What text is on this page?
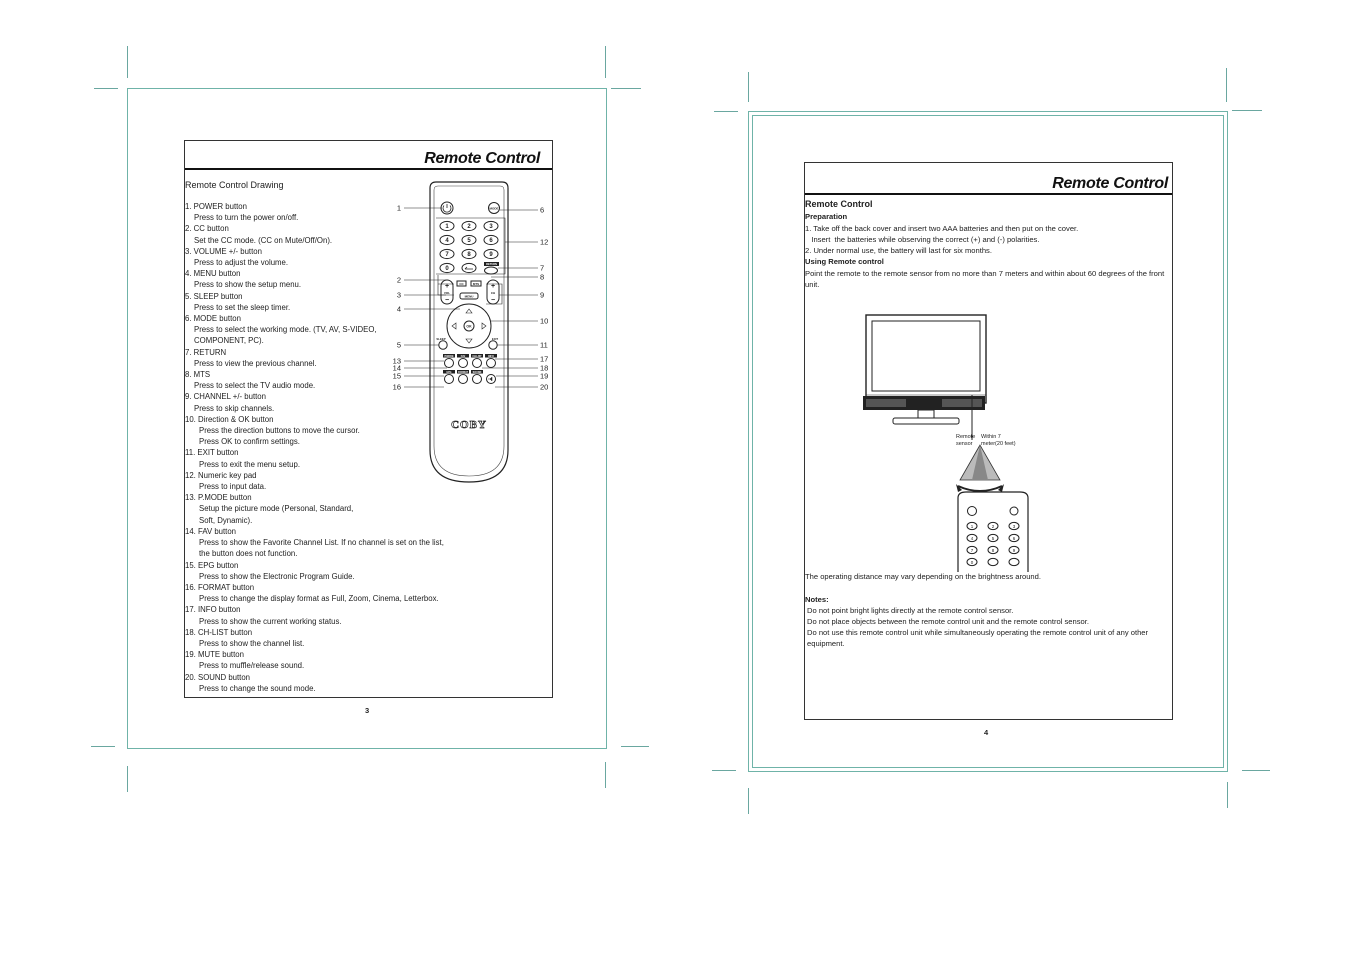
Remote Control
Remote Control Drawing
1. POWER button
Press to turn the power on/off.
2. CC button
Set the CC mode. (CC on Mute/Off/On).
3. VOLUME +/- button
Press to adjust the volume.
4. MENU button
Press to show the setup menu.
5. SLEEP button
Press to set the sleep timer.
6. MODE button
Press to select the working mode. (TV, AV, S-VIDEO,
COMPONENT, PC).
7. RETURN
Press to view the previous channel.
8. MTS
Press to select the TV audio mode.
9. CHANNEL +/- button
Press to skip channels.
10. Direction & OK button
Press the direction buttons to move the cursor.
Press OK to confirm settings.
11. EXIT button
Press to exit the menu setup.
12. Numeric key pad
Press to input data.
13. P.MODE button
Setup the picture mode (Personal, Standard,
Soft, Dynamic).
14. FAV button
Press to show the Favorite Channel List. If no channel is set on the list,
the button does not function.
15. EPG button
Press to show the Electronic Program Guide.
16. FORMAT button
Press to change the display format as Full, Zoom, Cinema, Letterbox.
17. INFO button
Press to show the current working status.
18. CH-LIST button
Press to show the channel list.
19. MUTE button
Press to muffle/release sound.
20. SOUND button
Press to change the sound mode.
MODE
1	2	3
4	5	6
7	8	9
0
RETURN
+
VOL
−
+
CH
−
CC	MTS
MENU
OK
SLEEP	EXIT
P.MODE	FAV	CH.LIST	INFO
EPG	FORMAT SOUND
COBY
1
2
3
4
5
13
14
15
16
6
12
7
8
9
10
11
17
18
19
20
3
Remote Control
Remote Control
Preparation
1. Take off the back cover and insert two AAA batteries and then put on the cover.
Insert  the batteries while observing the correct (+) and (-) polarities.
2. Under normal use, the battery will last for six months.
Using Remote control
Point the remote to the remote sensor from no more than 7 meters and within about 60 degrees of the front unit.
The operating distance may vary depending on the brightness around.
Notes:
Do not point bright lights directly at the remote control sensor.
Do not place objects between the remote control unit and the remote control sensor.
Do not use this remote control unit while simultaneously operating the remote control unit of any other equipment.
1	2	3
4	5	6
7	8	9
0
Remote sensor
Within 7 meter(20 feet)
4
